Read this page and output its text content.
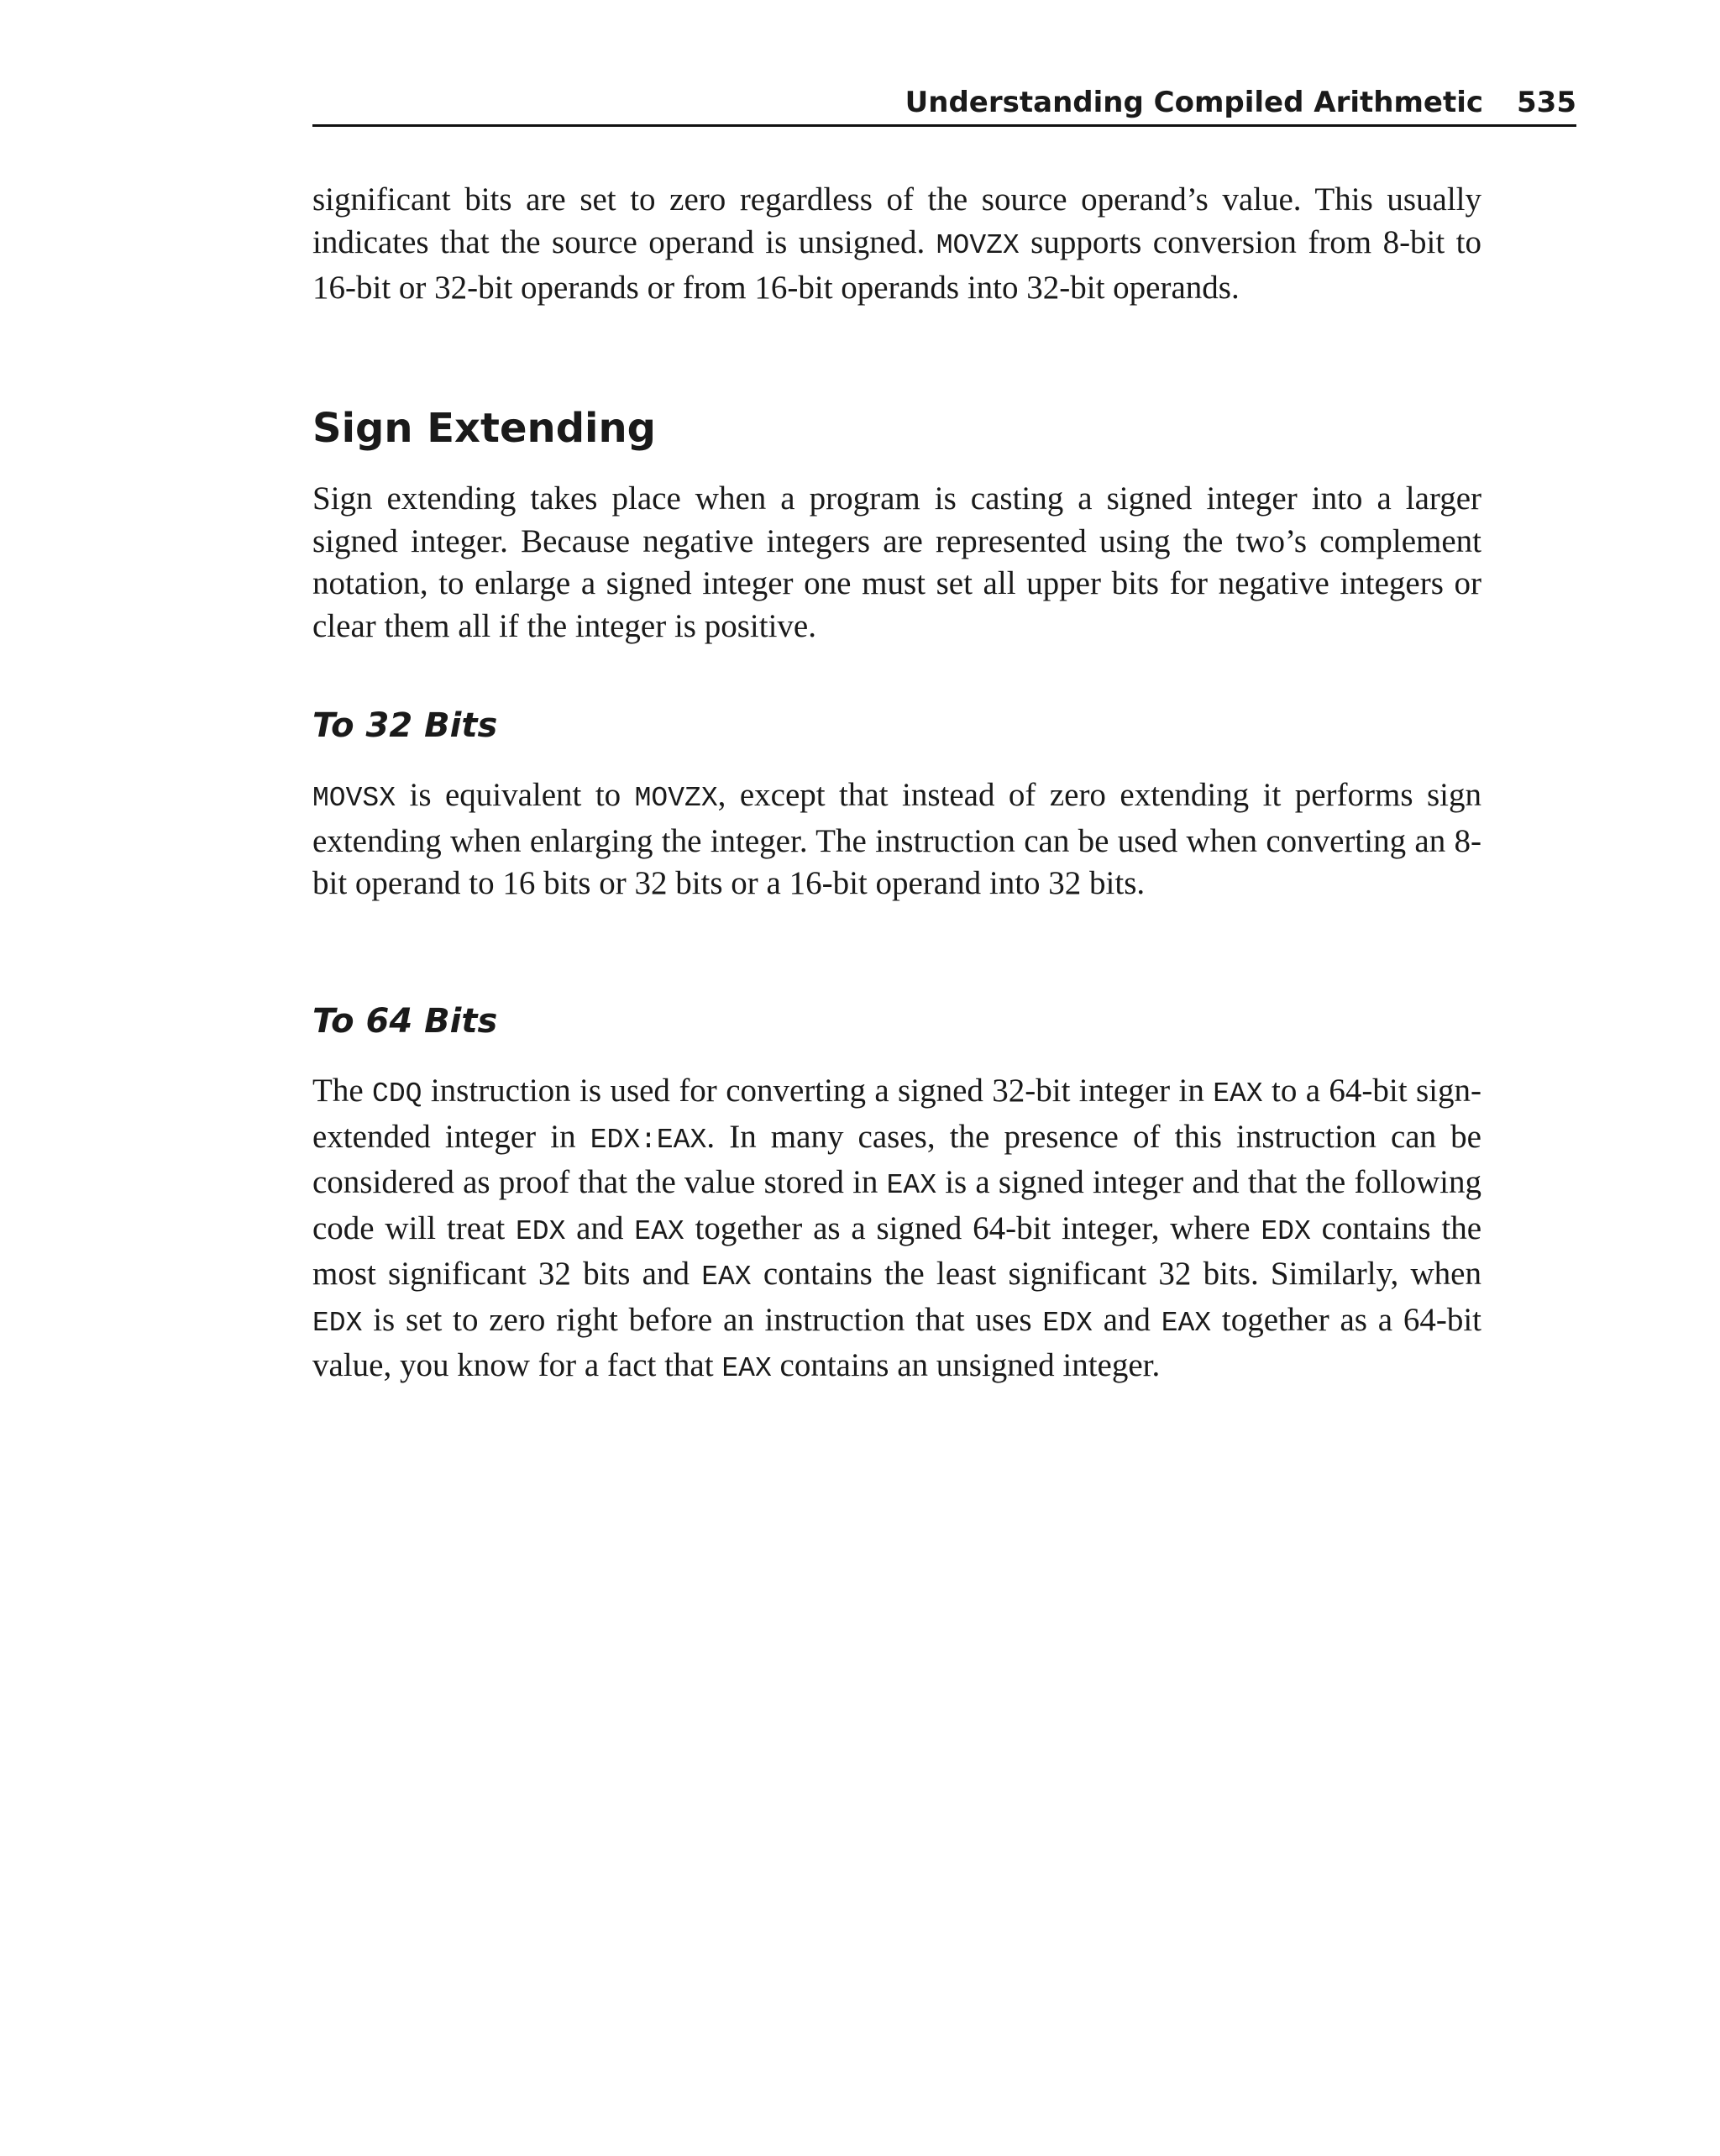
Understanding Compiled Arithmetic 535

significant bits are set to zero regardless of the source operand’s value. This usually indicates that the source operand is unsigned. MOVZX supports conversion from 8-bit to 16-bit or 32-bit operands or from 16-bit operands into 32-bit operands.

Sign Extending

Sign extending takes place when a program is casting a signed integer into a larger signed integer. Because negative integers are represented using the two’s complement notation, to enlarge a signed integer one must set all upper bits for negative integers or clear them all if the integer is positive.

To 32 Bits

MOVSX is equivalent to MOVZX, except that instead of zero extending it performs sign extending when enlarging the integer. The instruction can be used when converting an 8-bit operand to 16 bits or 32 bits or a 16-bit operand into 32 bits.

To 64 Bits

The CDQ instruction is used for converting a signed 32-bit integer in EAX to a 64-bit sign-extended integer in EDX:EAX. In many cases, the presence of this instruction can be considered as proof that the value stored in EAX is a signed integer and that the following code will treat EDX and EAX together as a signed 64-bit integer, where EDX contains the most significant 32 bits and EAX contains the least significant 32 bits. Similarly, when EDX is set to zero right before an instruction that uses EDX and EAX together as a 64-bit value, you know for a fact that EAX contains an unsigned integer.
